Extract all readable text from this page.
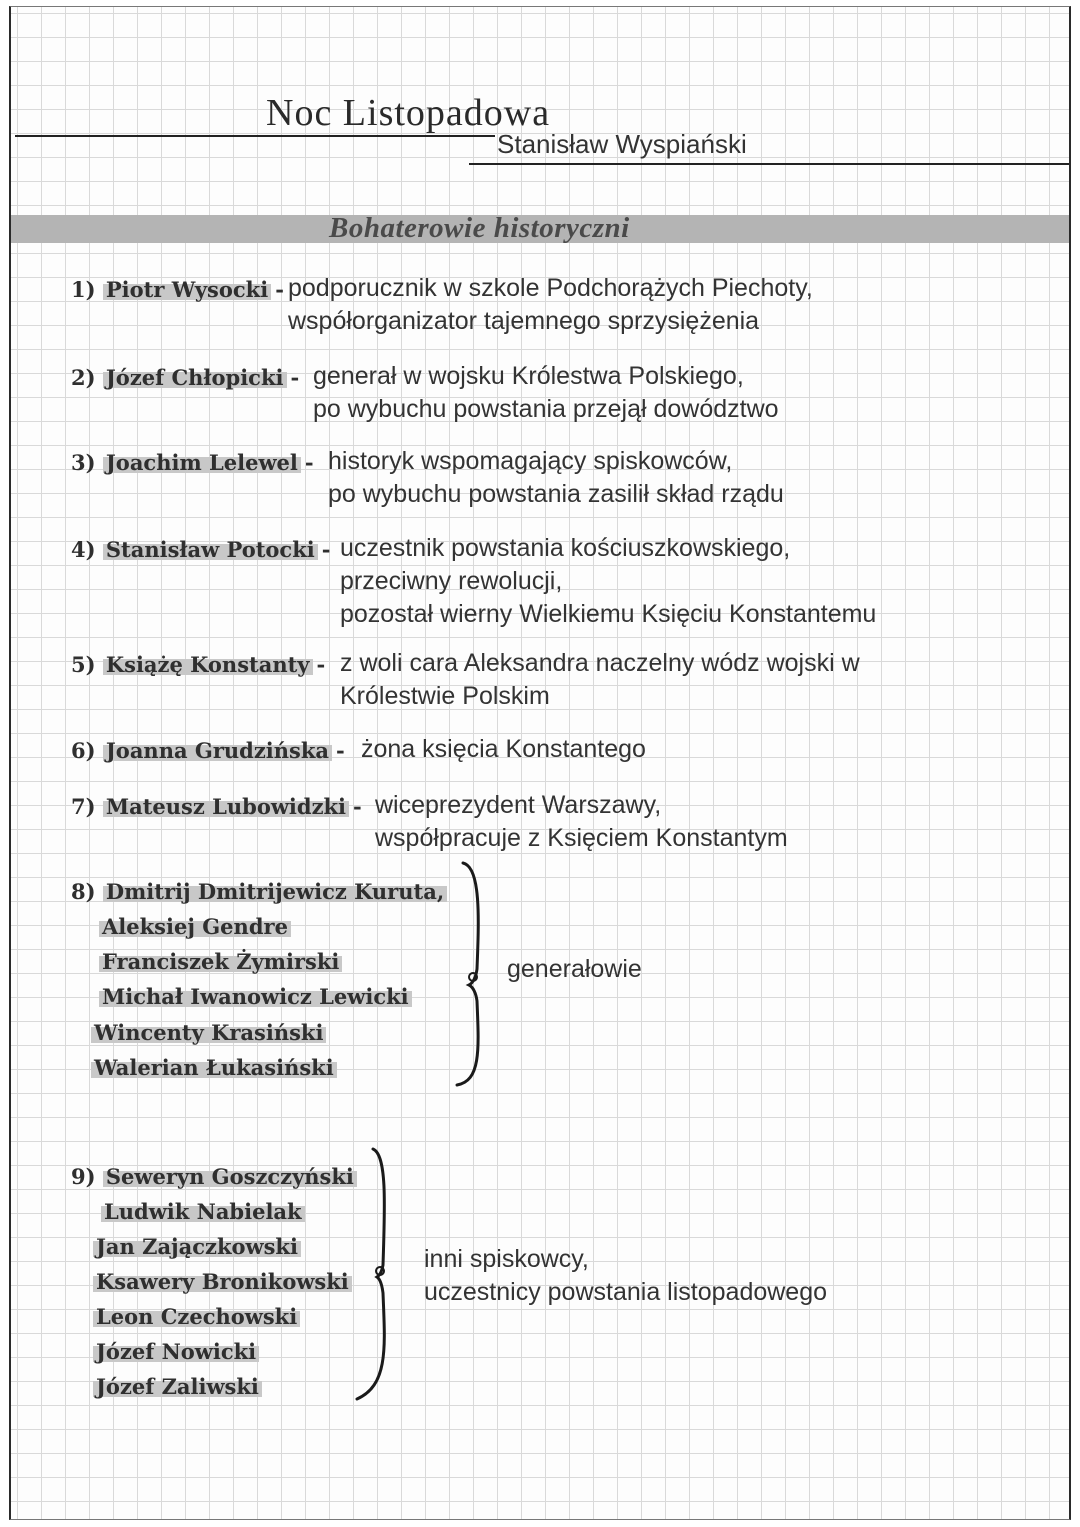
Noc Listopadowa
Stanisław Wyspiański
Bohaterowie historyczni
1) Piotr Wysocki - podporucznik w szkole Podchorążych Piechoty,
współorganizator tajemnego sprzysiężenia
2) Józef Chłopicki - generał w wojsku Królestwa Polskiego,
po wybuchu powstania przejął dowództwo
3) Joachim Lelewel - historyk wspomagający spiskowców,
po wybuchu powstania zasilił skład rządu
4) Stanisław Potocki - uczestnik powstania kościuszkowskiego,
przeciwny rewolucji,
pozostał wierny Wielkiemu Księciu Konstantemu
5) Książę Konstanty - z woli cara Aleksandra naczelny wódz wojski w
Królestwie Polskim
6) Joanna Grudzińska - żona księcia Konstantego
7) Mateusz Lubowidzki - wiceprezydent Warszawy,
współpracuje z Księciem Konstantym
8) Dmitrij Dmitrijewicz Kuruta,
Aleksiej Gendre
Franciszek Żymirski
Michał Iwanowicz Lewicki
Wincenty Krasiński
Walerian Łukasiński
generałowie
9) Seweryn Goszczyński
Ludwik Nabielak
Jan Zajączkowski
Ksawery Bronikowski
Leon Czechowski
Józef Nowicki
Józef Zaliwski
inni spiskowcy,
uczestnicy powstania listopadowego
